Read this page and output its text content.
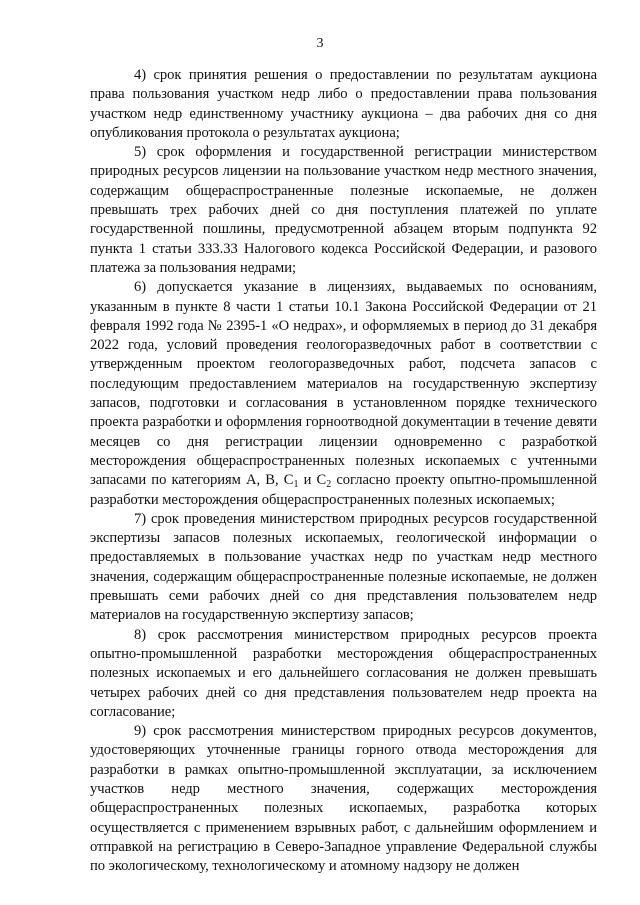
3

4) срок принятия решения о предоставлении по результатам аукциона права пользования участком недр либо о предоставлении права пользования участком недр единственному участнику аукциона – два рабочих дня со дня опубликования протокола о результатах аукциона;

5) срок оформления и государственной регистрации министерством природных ресурсов лицензии на пользование участком недр местного значения, содержащим общераспространенные полезные ископаемые, не должен превышать трех рабочих дней со дня поступления платежей по уплате государственной пошлины, предусмотренной абзацем вторым подпункта 92 пункта 1 статьи 333.33 Налогового кодекса Российской Федерации, и разового платежа за пользования недрами;

6) допускается указание в лицензиях, выдаваемых по основаниям, указанным в пункте 8 части 1 статьи 10.1 Закона Российской Федерации от 21 февраля 1992 года № 2395-1 «О недрах», и оформляемых в период до 31 декабря 2022 года, условий проведения геологоразведочных работ в соответствии с утвержденным проектом геологоразведочных работ, подсчета запасов с последующим предоставлением материалов на государственную экспертизу запасов, подготовки и согласования в установленном порядке технического проекта разработки и оформления горноотводной документации в течение девяти месяцев со дня регистрации лицензии одновременно с разработкой месторождения общераспространенных полезных ископаемых с учтенными запасами по категориям А, В, $С_1$ и $С_2$ согласно проекту опытно-промышленной разработки месторождения общераспространенных полезных ископаемых;

7) срок проведения министерством природных ресурсов государственной экспертизы запасов полезных ископаемых, геологической информации о предоставляемых в пользование участках недр по участкам недр местного значения, содержащим общераспространенные полезные ископаемые, не должен превышать семи рабочих дней со дня представления пользователем недр материалов на государственную экспертизу запасов;

8) срок рассмотрения министерством природных ресурсов проекта опытно-промышленной разработки месторождения общераспространенных полезных ископаемых и его дальнейшего согласования не должен превышать четырех рабочих дней со дня представления пользователем недр проекта на согласование;

9) срок рассмотрения министерством природных ресурсов документов, удостоверяющих уточненные границы горного отвода месторождения для разработки в рамках опытно-промышленной эксплуатации, за исключением участков недр местного значения, содержащих месторождения общераспространенных полезных ископаемых, разработка которых осуществляется с применением взрывных работ, с дальнейшим оформлением и отправкой на регистрацию в Северо-Западное управление Федеральной службы по экологическому, технологическому и атомному надзору не должен
